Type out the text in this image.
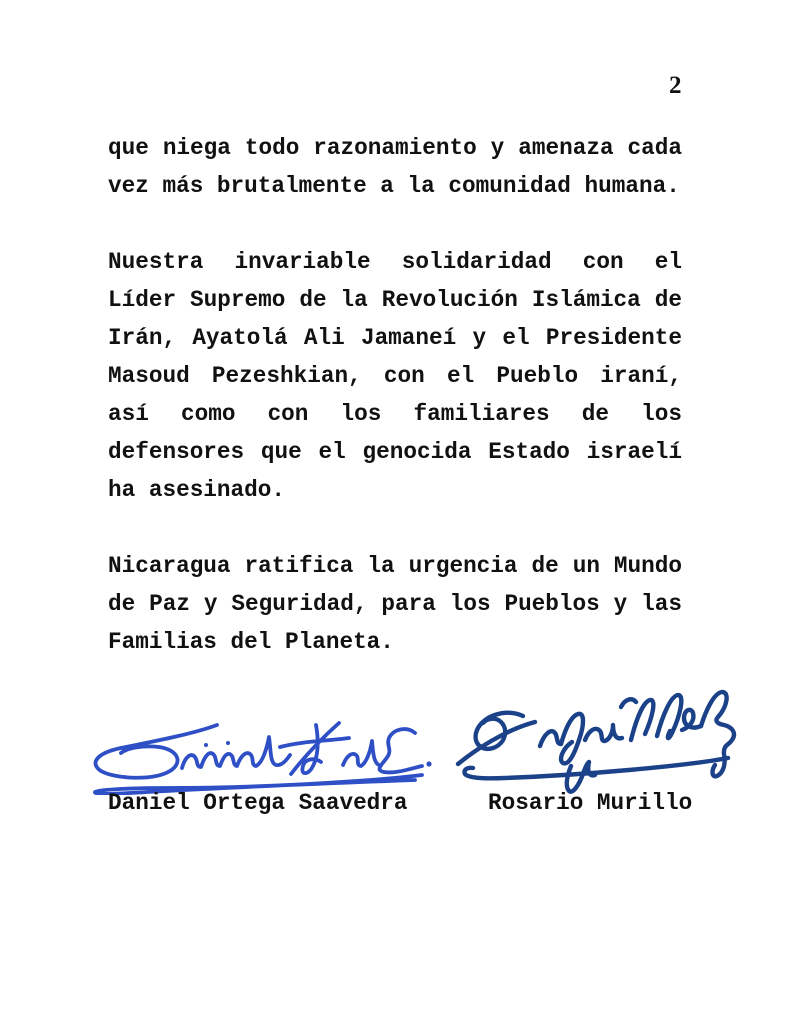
2
que niega todo razonamiento y amenaza cada
vez más brutalmente a la comunidad humana.
Nuestra invariable solidaridad con el
Líder Supremo de la Revolución Islámica de
Irán, Ayatolá Ali Jamaneí y el Presidente
Masoud Pezeshkian, con el Pueblo iraní,
así como con los familiares de los
defensores que el genocida Estado israelí
ha asesinado.
Nicaragua ratifica la urgencia de un Mundo
de Paz y Seguridad, para los Pueblos y las
Familias del Planeta.
Daniel Ortega Saavedra	Rosario Murillo
